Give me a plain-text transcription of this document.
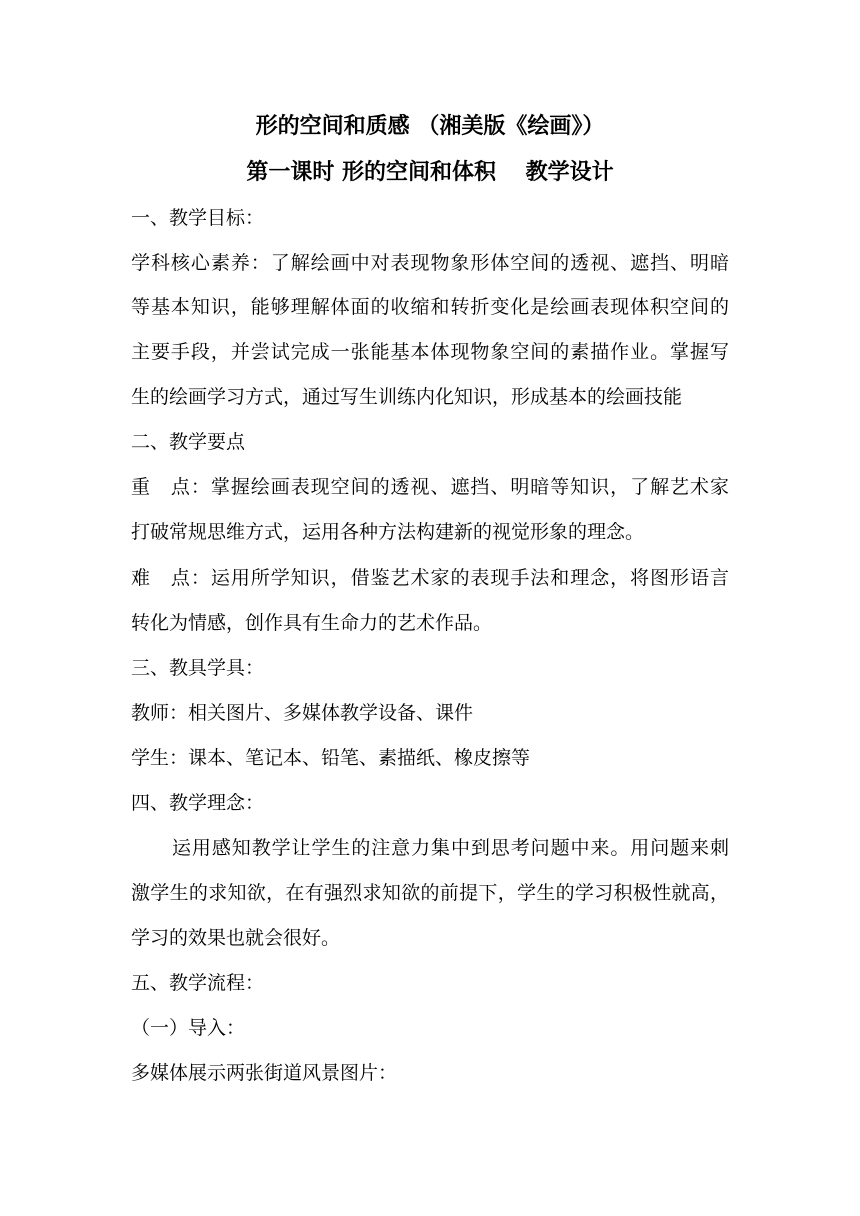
形的空间和质感 （湘美版《绘画》）
第一课时 形的空间和体积　 教学设计
一、教学目标：
学科核心素养：了解绘画中对表现物象形体空间的透视、遮挡、明暗
等基本知识，能够理解体面的收缩和转折变化是绘画表现体积空间的
主要手段，并尝试完成一张能基本体现物象空间的素描作业。掌握写
生的绘画学习方式，通过写生训练内化知识，形成基本的绘画技能
二、教学要点
重　点：掌握绘画表现空间的透视、遮挡、明暗等知识，了解艺术家
打破常规思维方式，运用各种方法构建新的视觉形象的理念。
难　点：运用所学知识，借鉴艺术家的表现手法和理念，将图形语言
转化为情感，创作具有生命力的艺术作品。
三、教具学具：
教师：相关图片、多媒体教学设备、课件
学生：课本、笔记本、铅笔、素描纸、橡皮擦等
四、教学理念：
运用感知教学让学生的注意力集中到思考问题中来。用问题来刺
激学生的求知欲，在有强烈求知欲的前提下，学生的学习积极性就高，
学习的效果也就会很好。
五、教学流程：
（一）导入：
多媒体展示两张街道风景图片：
